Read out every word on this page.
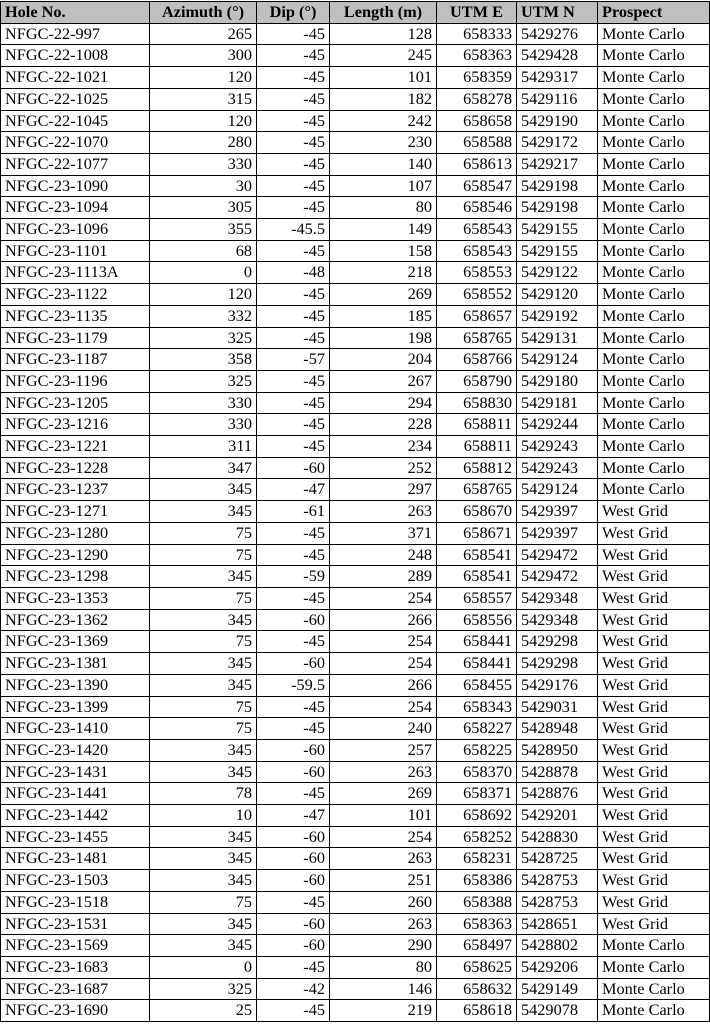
Hole No.	Azimuth (°)	Dip (°)	Length (m)	UTM E	UTM N	Prospect
NFGC-22-997	265	-45	128	658333	5429276	Monte Carlo
NFGC-22-1008	300	-45	245	658363	5429428	Monte Carlo
NFGC-22-1021	120	-45	101	658359	5429317	Monte Carlo
NFGC-22-1025	315	-45	182	658278	5429116	Monte Carlo
NFGC-22-1045	120	-45	242	658658	5429190	Monte Carlo
NFGC-22-1070	280	-45	230	658588	5429172	Monte Carlo
NFGC-22-1077	330	-45	140	658613	5429217	Monte Carlo
NFGC-23-1090	30	-45	107	658547	5429198	Monte Carlo
NFGC-23-1094	305	-45	80	658546	5429198	Monte Carlo
NFGC-23-1096	355	-45.5	149	658543	5429155	Monte Carlo
NFGC-23-1101	68	-45	158	658543	5429155	Monte Carlo
NFGC-23-1113A	0	-48	218	658553	5429122	Monte Carlo
NFGC-23-1122	120	-45	269	658552	5429120	Monte Carlo
NFGC-23-1135	332	-45	185	658657	5429192	Monte Carlo
NFGC-23-1179	325	-45	198	658765	5429131	Monte Carlo
NFGC-23-1187	358	-57	204	658766	5429124	Monte Carlo
NFGC-23-1196	325	-45	267	658790	5429180	Monte Carlo
NFGC-23-1205	330	-45	294	658830	5429181	Monte Carlo
NFGC-23-1216	330	-45	228	658811	5429244	Monte Carlo
NFGC-23-1221	311	-45	234	658811	5429243	Monte Carlo
NFGC-23-1228	347	-60	252	658812	5429243	Monte Carlo
NFGC-23-1237	345	-47	297	658765	5429124	Monte Carlo
NFGC-23-1271	345	-61	263	658670	5429397	West Grid
NFGC-23-1280	75	-45	371	658671	5429397	West Grid
NFGC-23-1290	75	-45	248	658541	5429472	West Grid
NFGC-23-1298	345	-59	289	658541	5429472	West Grid
NFGC-23-1353	75	-45	254	658557	5429348	West Grid
NFGC-23-1362	345	-60	266	658556	5429348	West Grid
NFGC-23-1369	75	-45	254	658441	5429298	West Grid
NFGC-23-1381	345	-60	254	658441	5429298	West Grid
NFGC-23-1390	345	-59.5	266	658455	5429176	West Grid
NFGC-23-1399	75	-45	254	658343	5429031	West Grid
NFGC-23-1410	75	-45	240	658227	5428948	West Grid
NFGC-23-1420	345	-60	257	658225	5428950	West Grid
NFGC-23-1431	345	-60	263	658370	5428878	West Grid
NFGC-23-1441	78	-45	269	658371	5428876	West Grid
NFGC-23-1442	10	-47	101	658692	5429201	West Grid
NFGC-23-1455	345	-60	254	658252	5428830	West Grid
NFGC-23-1481	345	-60	263	658231	5428725	West Grid
NFGC-23-1503	345	-60	251	658386	5428753	West Grid
NFGC-23-1518	75	-45	260	658388	5428753	West Grid
NFGC-23-1531	345	-60	263	658363	5428651	West Grid
NFGC-23-1569	345	-60	290	658497	5428802	Monte Carlo
NFGC-23-1683	0	-45	80	658625	5429206	Monte Carlo
NFGC-23-1687	325	-42	146	658632	5429149	Monte Carlo
NFGC-23-1690	25	-45	219	658618	5429078	Monte Carlo
